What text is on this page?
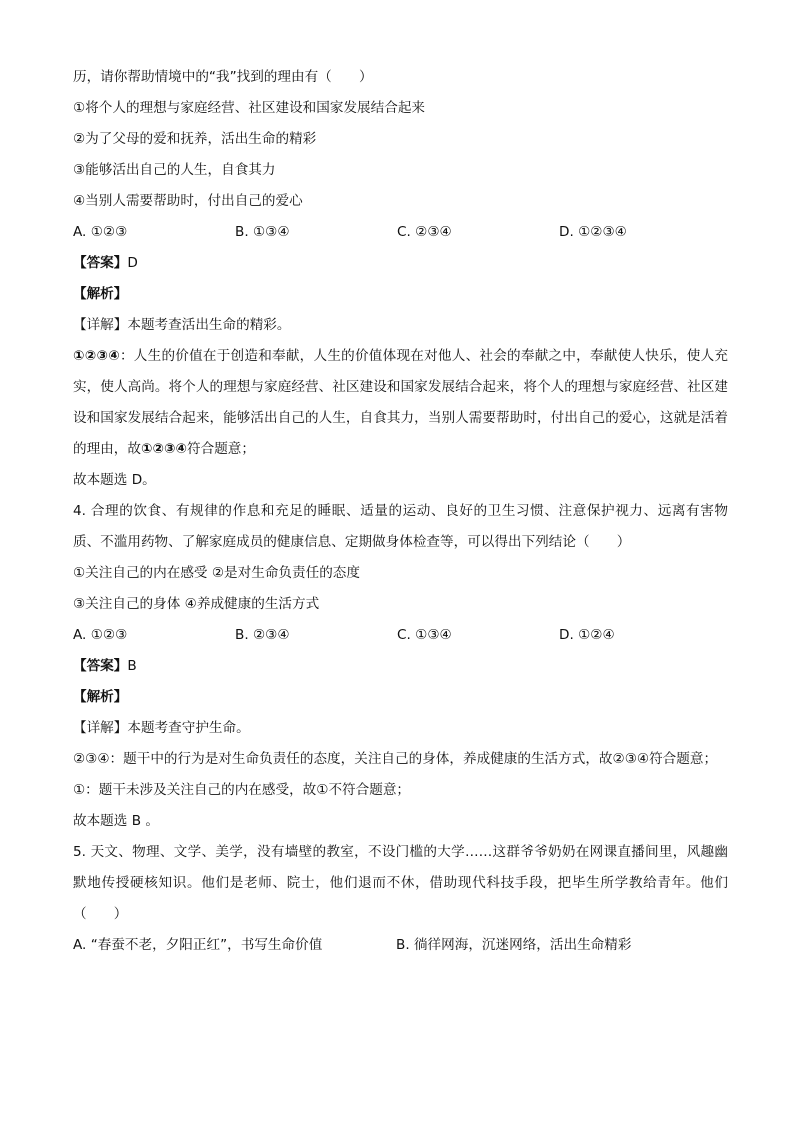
历，请你帮助情境中的“我”找到的理由有（　　）
①将个人的理想与家庭经营、社区建设和国家发展结合起来
②为了父母的爱和抚养，活出生命的精彩
③能够活出自己的人生，自食其力
④当别人需要帮助时，付出自己的爱心
A. ①②③	B. ①③④	C. ②③④	D. ①②③④
【答案】D
【解析】
【详解】本题考查活出生命的精彩。
①②③④：人生的价值在于创造和奉献，人生的价值体现在对他人、社会的奉献之中，奉献使人快乐，使人充实，使人高尚。将个人的理想与家庭经营、社区建设和国家发展结合起来，将个人的理想与家庭经营、社区建设和国家发展结合起来，能够活出自己的人生，自食其力，当别人需要帮助时，付出自己的爱心，这就是活着的理由，故①②③④符合题意；
故本题选 D。
4. 合理的饮食、有规律的作息和充足的睡眠、适量的运动、良好的卫生习惯、注意保护视力、远离有害物质、不滥用药物、了解家庭成员的健康信息、定期做身体检查等，可以得出下列结论（　　）
①关注自己的内在感受 ②是对生命负责任的态度
③关注自己的身体 ④养成健康的生活方式
A. ①②③	B. ②③④	C. ①③④	D. ①②④
【答案】B
【解析】
【详解】本题考查守护生命。
②③④：题干中的行为是对生命负责任的态度，关注自己的身体，养成健康的生活方式，故②③④符合题意；
①：题干未涉及关注自己的内在感受，故①不符合题意；
故本题选 B 。
5. 天文、物理、文学、美学，没有墙壁的教室，不设门槛的大学……这群爷爷奶奶在网课直播间里，风趣幽默地传授硬核知识。他们是老师、院士，他们退而不休，借助现代科技手段，把毕生所学教给青年。他们（　　）
A. “春蚕不老，夕阳正红”，书写生命价值	B. 徜徉网海，沉迷网络，活出生命精彩
